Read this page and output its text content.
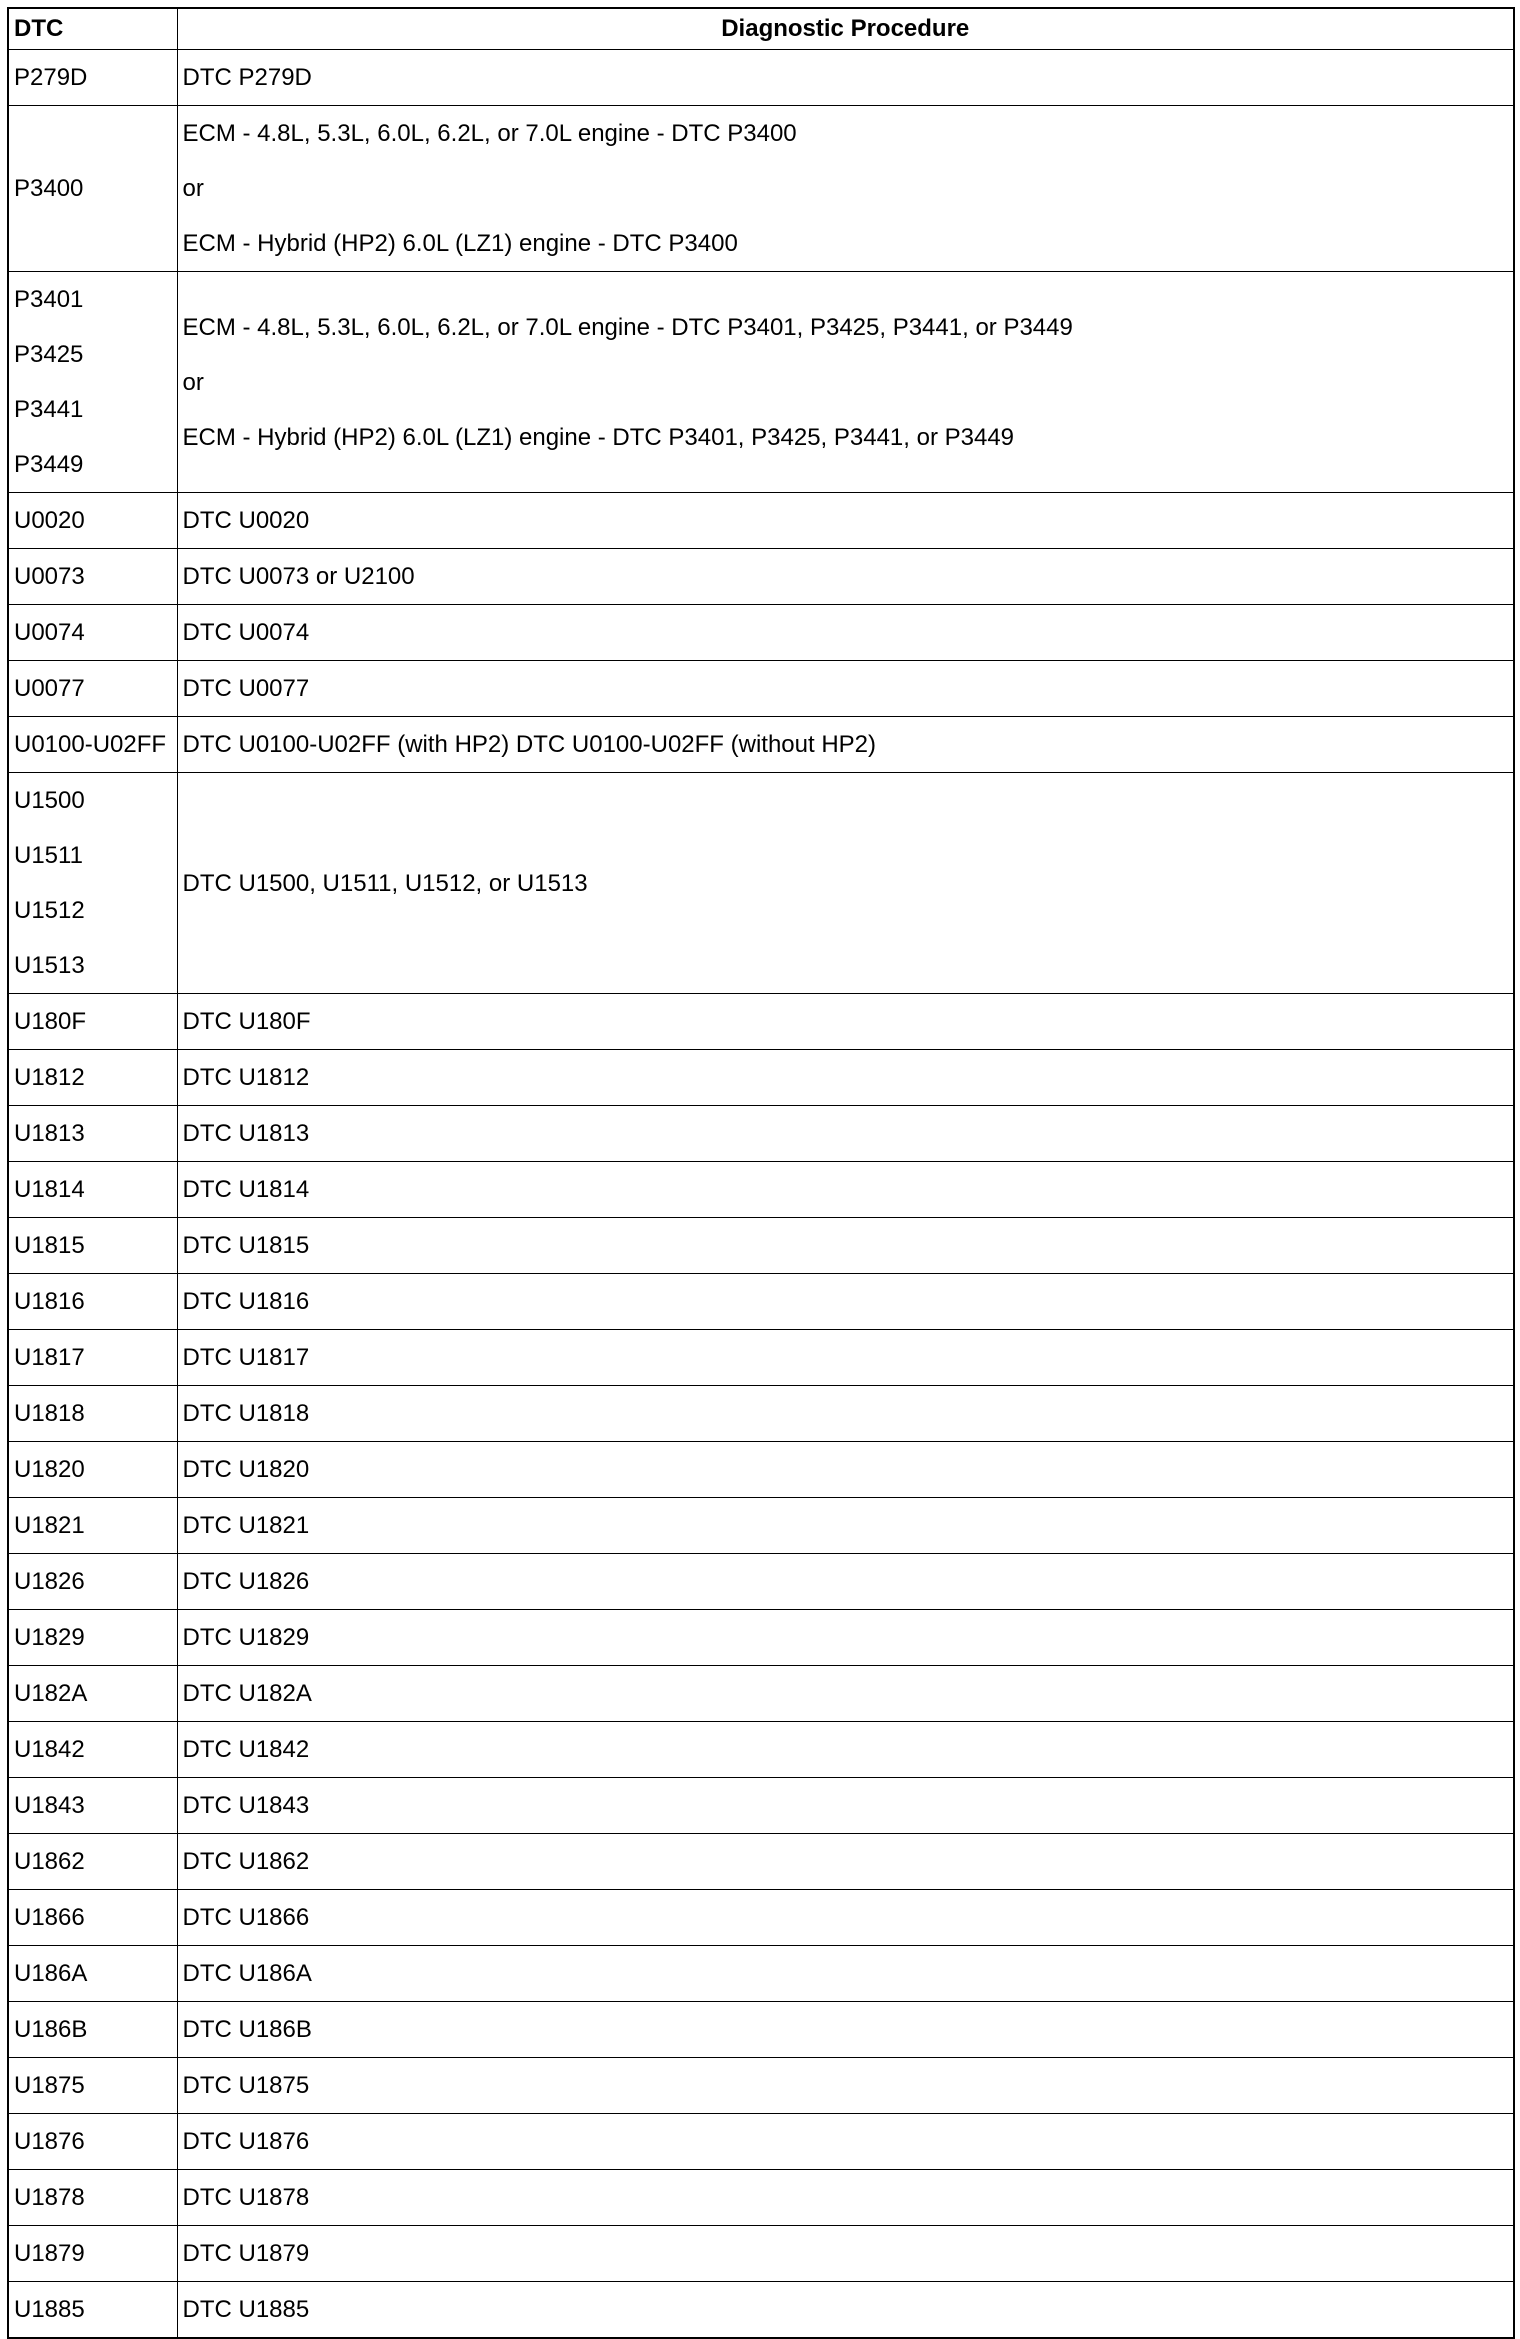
DTC	Diagnostic Procedure

P279D	DTC P279D

P3400	ECM - 4.8L, 5.3L, 6.0L, 6.2L, or 7.0L engine - DTC P3400
or
ECM - Hybrid (HP2) 6.0L (LZ1) engine - DTC P3400

P3401
P3425
P3441
P3449	ECM - 4.8L, 5.3L, 6.0L, 6.2L, or 7.0L engine - DTC P3401, P3425, P3441, or P3449
or
ECM - Hybrid (HP2) 6.0L (LZ1) engine - DTC P3401, P3425, P3441, or P3449

U0020	DTC U0020

U0073	DTC U0073 or U2100

U0074	DTC U0074

U0077	DTC U0077

U0100-U02FF	DTC U0100-U02FF (with HP2) DTC U0100-U02FF (without HP2)

U1500
U1511
U1512
U1513	DTC U1500, U1511, U1512, or U1513

U180F	DTC U180F

U1812	DTC U1812

U1813	DTC U1813

U1814	DTC U1814

U1815	DTC U1815

U1816	DTC U1816

U1817	DTC U1817

U1818	DTC U1818

U1820	DTC U1820

U1821	DTC U1821

U1826	DTC U1826

U1829	DTC U1829

U182A	DTC U182A

U1842	DTC U1842

U1843	DTC U1843

U1862	DTC U1862

U1866	DTC U1866

U186A	DTC U186A

U186B	DTC U186B

U1875	DTC U1875

U1876	DTC U1876

U1878	DTC U1878

U1879	DTC U1879

U1885	DTC U1885
